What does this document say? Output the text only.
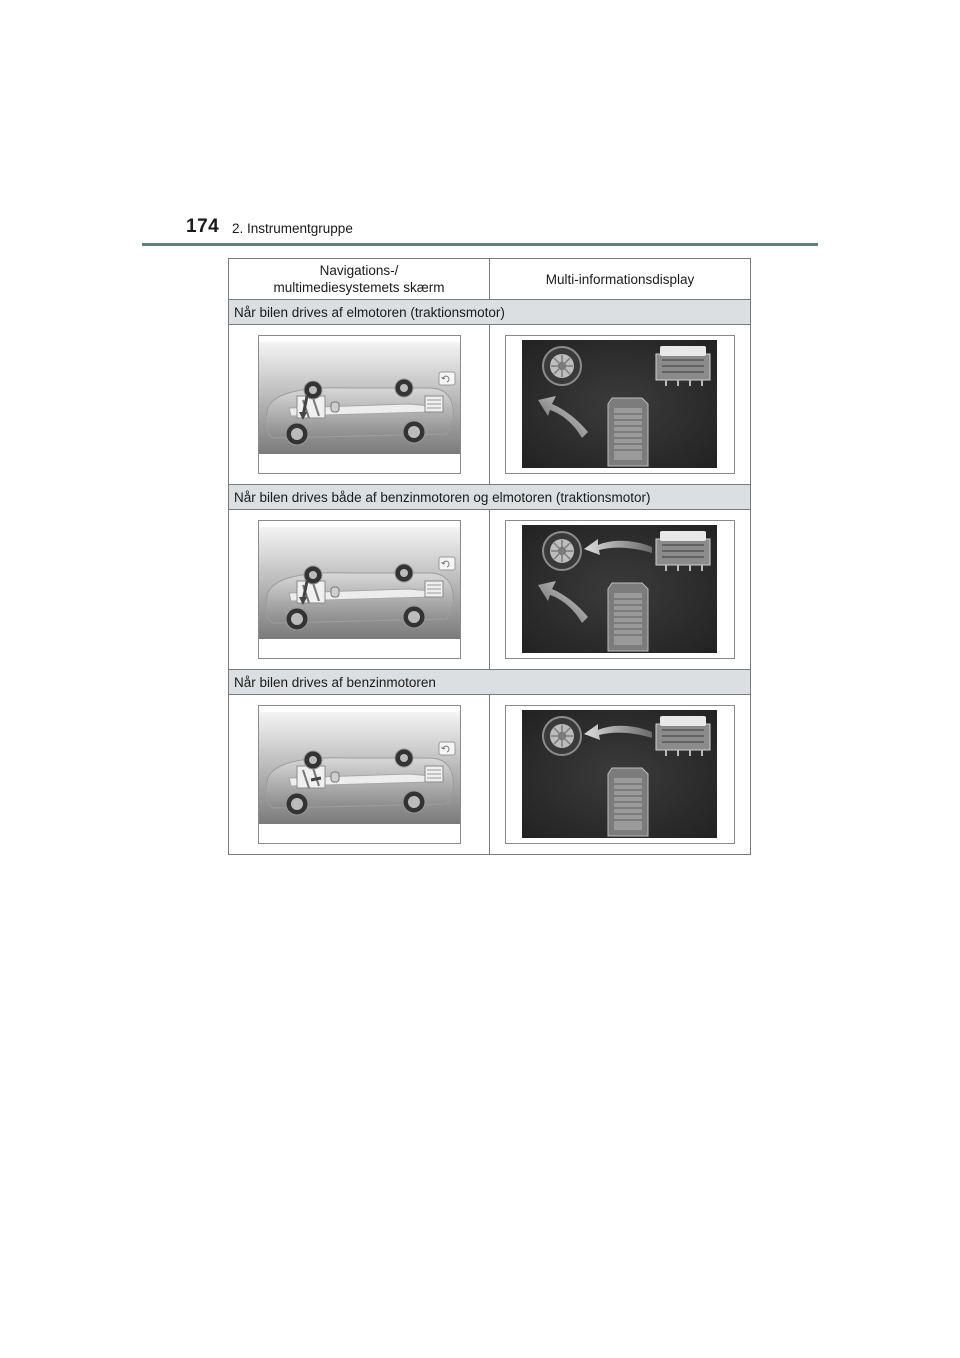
174 2. Instrumentgruppe
Navigations-/
multimediesystemets skærm	Multi-informationsdisplay
Når bilen drives af elmotoren (traktionsmotor)	

Når bilen drives både af benzinmotoren og elmotoren (traktionsmotor)	

Når bilen drives af benzinmotoren	
